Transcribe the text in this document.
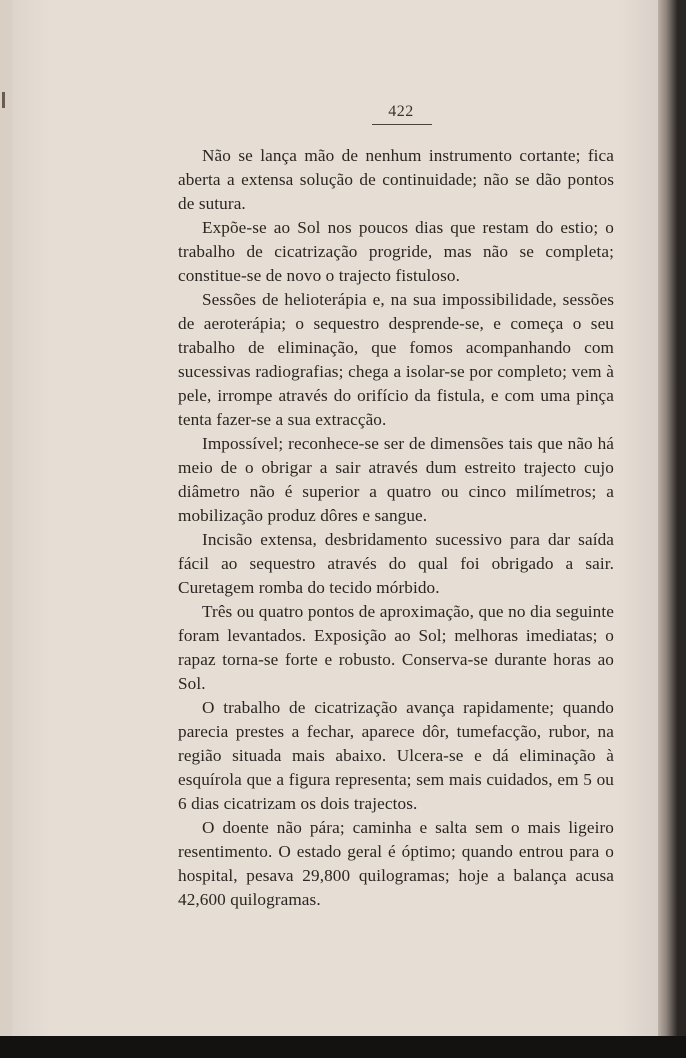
422

Não se lança mão de nenhum instrumento cortante; fica aberta a extensa solução de continuidade; não se dão pontos de sutura.

Expõe-se ao Sol nos poucos dias que restam do estio; o trabalho de cicatrização progride, mas não se completa; constitue-se de novo o trajecto fistuloso.

Sessões de helioterápia e, na sua impossibilidade, sessões de aeroterápia; o sequestro desprende-se, e começa o seu trabalho de eliminação, que fomos acompanhando com sucessivas radiografias; chega a isolar-se por completo; vem à pele, irrompe através do orifício da fistula, e com uma pinça tenta fazer-se a sua extracção.

Impossível; reconhece-se ser de dimensões tais que não há meio de o obrigar a sair através dum estreito trajecto cujo diâmetro não é superior a quatro ou cinco milímetros; a mobilização produz dôres e sangue.

Incisão extensa, desbridamento sucessivo para dar saída fácil ao sequestro através do qual foi obrigado a sair. Curetagem romba do tecido mórbido.

Três ou quatro pontos de aproximação, que no dia seguinte foram levantados. Exposição ao Sol; melhoras imediatas; o rapaz torna-se forte e robusto. Conserva-se durante horas ao Sol.

O trabalho de cicatrização avança rapidamente; quando parecia prestes a fechar, aparece dôr, tumefacção, rubor, na região situada mais abaixo. Ulcera-se e dá eliminação à esquírola que a figura representa; sem mais cuidados, em 5 ou 6 dias cicatrizam os dois trajectos.

O doente não pára; caminha e salta sem o mais ligeiro resentimento. O estado geral é óptimo; quando entrou para o hospital, pesava 29,800 quilogramas; hoje a balança acusa 42,600 quilogramas.
